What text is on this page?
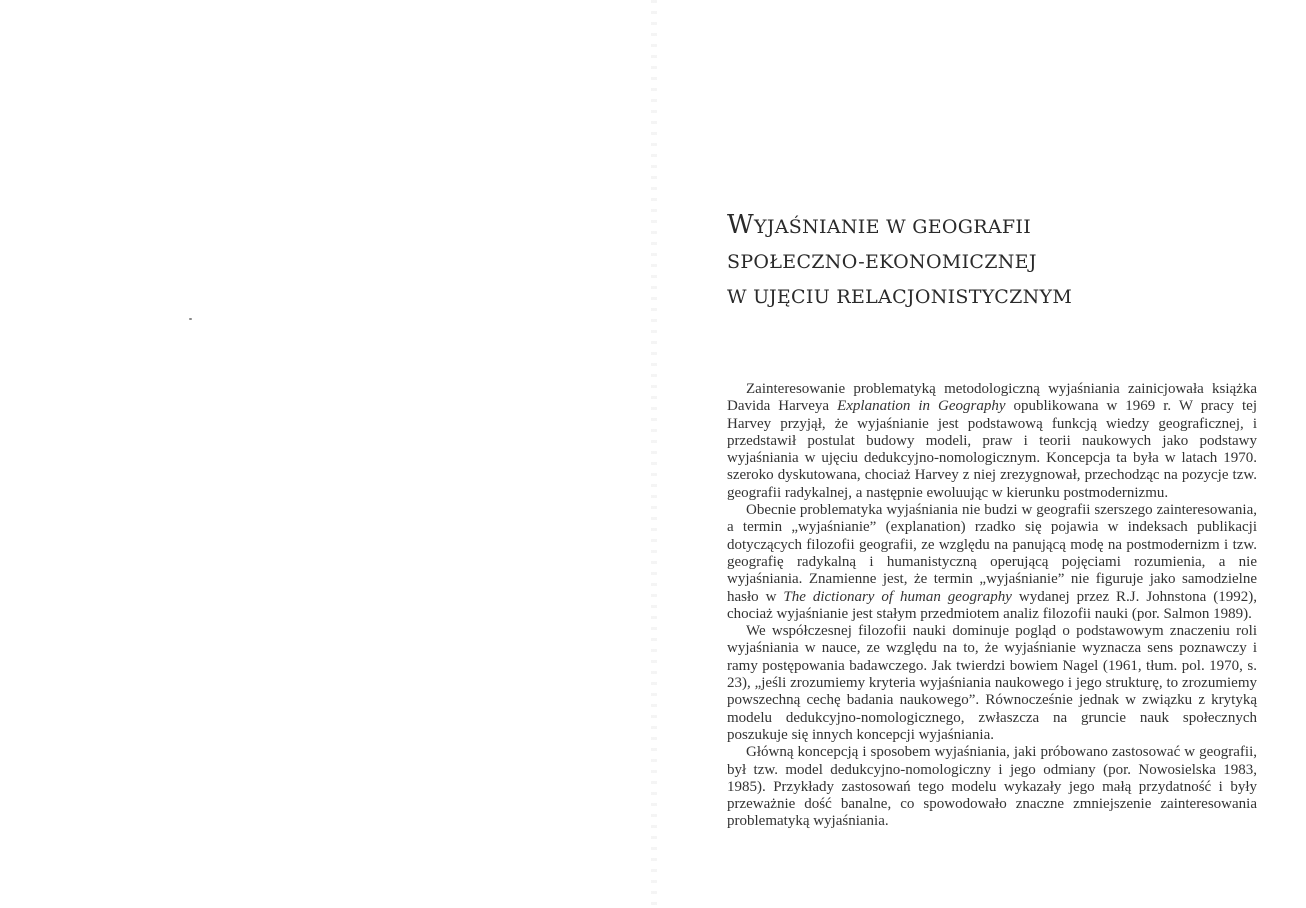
WYJAŚNIANIE W GEOGRAFII
SPOŁECZNO-EKONOMICZNEJ
W UJĘCIU RELACJONISTYCZNYM

Zainteresowanie problematyką metodologiczną wyjaśniania zainicjowała książka Davida Harveya Explanation in Geography opublikowana w 1969 r. W pracy tej Harvey przyjął, że wyjaśnianie jest podstawową funkcją wiedzy geograficznej, i przedstawił postulat budowy modeli, praw i teorii naukowych jako podstawy wyjaśniania w ujęciu dedukcyjno-nomologicznym. Koncepcja ta była w latach 1970. szeroko dyskutowana, chociaż Harvey z niej zrezygnował, przechodząc na pozycje tzw. geografii radykalnej, a następnie ewoluując w kierunku postmodernizmu.

Obecnie problematyka wyjaśniania nie budzi w geografii szerszego zainteresowania, a termin „wyjaśnianie” (explanation) rzadko się pojawia w indeksach publikacji dotyczących filozofii geografii, ze względu na panującą modę na postmodernizm i tzw. geografię radykalną i humanistyczną operującą pojęciami rozumienia, a nie wyjaśniania. Znamienne jest, że termin „wyjaśnianie” nie figuruje jako samodzielne hasło w The dictionary of human geography wydanej przez R.J. Johnstona (1992), chociaż wyjaśnianie jest stałym przedmiotem analiz filozofii nauki (por. Salmon 1989).

We współczesnej filozofii nauki dominuje pogląd o podstawowym znaczeniu roli wyjaśniania w nauce, ze względu na to, że wyjaśnianie wyznacza sens poznawczy i ramy postępowania badawczego. Jak twierdzi bowiem Nagel (1961, tłum. pol. 1970, s. 23), „jeśli zrozumiemy kryteria wyjaśniania naukowego i jego strukturę, to zrozumiemy powszechną cechę badania naukowego”. Równocześnie jednak w związku z krytyką modelu dedukcyjno-nomologicznego, zwłaszcza na gruncie nauk społecznych poszukuje się innych koncepcji wyjaśniania.

Główną koncepcją i sposobem wyjaśniania, jaki próbowano zastosować w geografii, był tzw. model dedukcyjno-nomologiczny i jego odmiany (por. Nowosielska 1983, 1985). Przykłady zastosowań tego modelu wykazały jego małą przydatność i były przeważnie dość banalne, co spowodowało znaczne zmniejszenie zainteresowania problematyką wyjaśniania.
